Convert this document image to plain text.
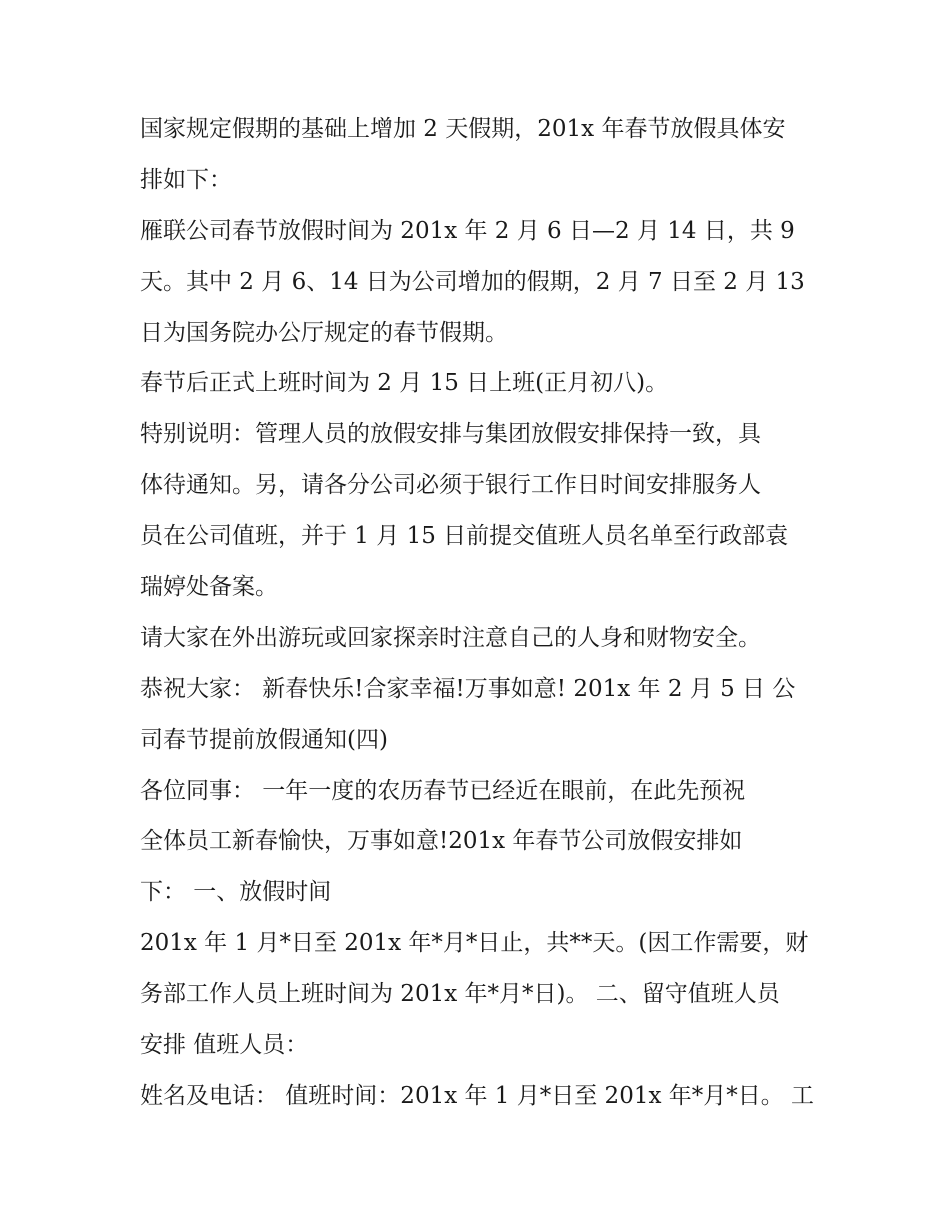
国家规定假期的基础上增加 2 天假期，201x 年春节放假具体安
排如下：
雁联公司春节放假时间为 201x 年 2 月 6 日—2 月 14 日，共 9
天。其中 2 月 6、14 日为公司增加的假期，2 月 7 日至 2 月 13
日为国务院办公厅规定的春节假期。
春节后正式上班时间为 2 月 15 日上班(正月初八)。
特别说明：管理人员的放假安排与集团放假安排保持一致，具
体待通知。另，请各分公司必须于银行工作日时间安排服务人
员在公司值班，并于 1 月 15 日前提交值班人员名单至行政部袁
瑞婷处备案。
请大家在外出游玩或回家探亲时注意自己的人身和财物安全。
恭祝大家： 新春快乐!合家幸福!万事如意! 201x 年 2 月 5 日 公
司春节提前放假通知(四)
各位同事： 一年一度的农历春节已经近在眼前，在此先预祝
全体员工新春愉快，万事如意!201x 年春节公司放假安排如
下： 一、放假时间
201x 年 1 月*日至 201x 年*月*日止，共**天。(因工作需要，财
务部工作人员上班时间为 201x 年*月*日)。 二、留守值班人员
安排 值班人员：
姓名及电话： 值班时间：201x 年 1 月*日至 201x 年*月*日。 工
